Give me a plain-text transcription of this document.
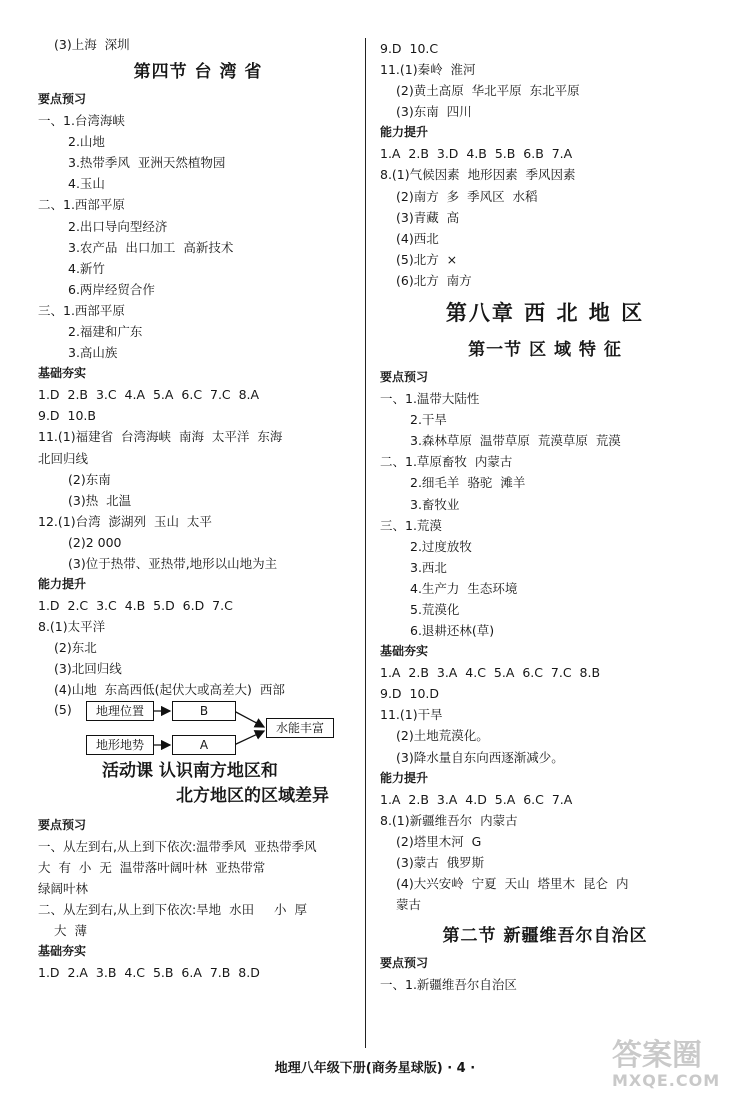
(3)上海  深圳
第四节 台 湾 省
要点预习
一、1.台湾海峡
2.山地
3.热带季风  亚洲天然植物园
4.玉山
二、1.西部平原
2.出口导向型经济
3.农产品  出口加工  高新技术
4.新竹
6.两岸经贸合作
三、1.西部平原
2.福建和广东
3.高山族
基础夯实
1.D  2.B  3.C  4.A  5.A  6.C  7.C  8.A
9.D  10.B
11.(1)福建省  台湾海峡  南海  太平洋  东海
北回归线
(2)东南
(3)热  北温
12.(1)台湾  澎湖列  玉山  太平
(2)2 000
(3)位于热带、亚热带,地形以山地为主
能力提升
1.D  2.C  3.C  4.B  5.D  6.D  7.C
8.(1)太平洋
(2)东北
(3)北回归线
(4)山地  东高西低(起伏大或高差大)  西部
(5)	地理位置	B
地形地势	A
水能丰富
活动课 认识南方地区和
北方地区的区域差异
要点预习
一、从左到右,从上到下依次:温带季风  亚热带季风
大  有  小  无  温带落叶阔叶林  亚热带常
绿阔叶林
二、从左到右,从上到下依次:旱地  水田     小  厚
大  薄
基础夯实
1.D  2.A  3.B  4.C  5.B  6.A  7.B  8.D
9.D  10.C
11.(1)秦岭  淮河
(2)黄土高原  华北平原  东北平原
(3)东南  四川
能力提升
1.A  2.B  3.D  4.B  5.B  6.B  7.A
8.(1)气候因素  地形因素  季风因素
(2)南方  多  季风区  水稻
(3)青藏  高
(4)西北
(5)北方  ×
(6)北方  南方
第八章 西 北 地 区
第一节 区 域 特 征
要点预习
一、1.温带大陆性
2.干旱
3.森林草原  温带草原  荒漠草原  荒漠
二、1.草原畜牧  内蒙古
2.细毛羊  骆驼  滩羊
3.畜牧业
三、1.荒漠
2.过度放牧
3.西北
4.生产力  生态环境
5.荒漠化
6.退耕还林(草)
基础夯实
1.A  2.B  3.A  4.C  5.A  6.C  7.C  8.B
9.D  10.D
11.(1)干旱
(2)土地荒漠化。
(3)降水量自东向西逐渐减少。
能力提升
1.A  2.B  3.A  4.D  5.A  6.C  7.A
8.(1)新疆维吾尔  内蒙古
(2)塔里木河  G
(3)蒙古  俄罗斯
(4)大兴安岭  宁夏  天山  塔里木  昆仑  内
蒙古
第二节 新疆维吾尔自治区
要点预习
一、1.新疆维吾尔自治区
地理八年级下册(商务星球版) · 4 ·	答案圈
MXQE.COM
